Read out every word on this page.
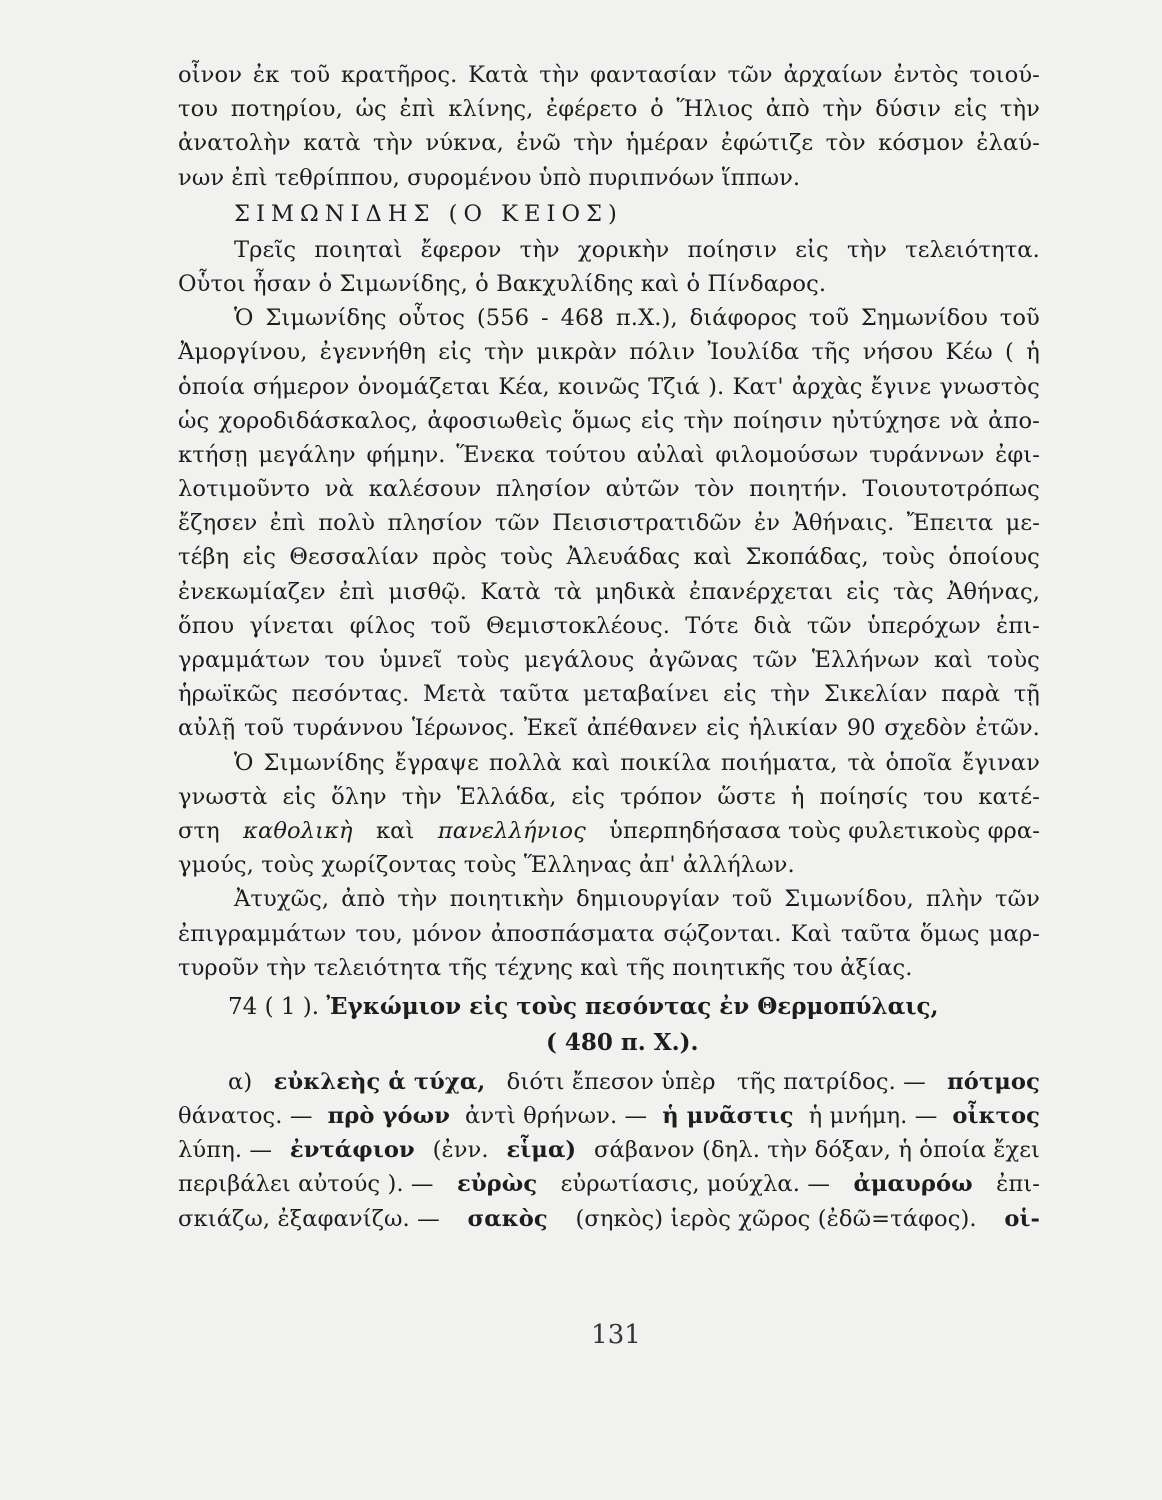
οἶνον ἐκ τοῦ κρατῆρος. Κατὰ τὴν φαντασίαν τῶν ἀρχαίων ἐντὸς τοιού-
του ποτηρίου, ὡς ἐπὶ κλίνης, ἐφέρετο ὁ Ἥλιος ἀπὸ τὴν δύσιν εἰς τὴν
ἀνατολὴν κατὰ τὴν νύκνα, ἐνῶ τὴν ἡμέραν ἐφώτιζε τὸν κόσμον ἐλαύ-
νων ἐπὶ τεθρίππου, συρομένου ὑπὸ πυριπνόων ἵππων.
ΣΙΜΩΝΙΔΗΣ (Ο ΚΕΙΟΣ)
Τρεῖς ποιηταὶ ἔφερον τὴν χορικὴν ποίησιν εἰς τὴν τελειότητα.
Οὗτοι ἦσαν ὁ Σιμωνίδης, ὁ Βακχυλίδης καὶ ὁ Πίνδαρος.
Ὁ Σιμωνίδης οὗτος (556 - 468 π.Χ.), διάφορος τοῦ Σημωνίδου τοῦ
Ἀμοργίνου, ἐγεννήθη εἰς τὴν μικρὰν πόλιν Ἰουλίδα τῆς νήσου Κέω ( ἡ
ὁποία σήμερον ὀνομάζεται Κέα, κοινῶς Τζιά ). Κατ' ἀρχὰς ἔγινε γνωστὸς
ὡς χοροδιδάσκαλος, ἀφοσιωθεὶς ὅμως εἰς τὴν ποίησιν ηὐτύχησε νὰ ἀπο-
κτήσῃ μεγάλην φήμην. Ἕνεκα τούτου αὐλαὶ φιλομούσων τυράννων ἐφι-
λοτιμοῦντο νὰ καλέσουν πλησίον αὐτῶν τὸν ποιητήν. Τοιουτοτρόπως
ἔζησεν ἐπὶ πολὺ πλησίον τῶν Πεισιστρατιδῶν ἐν Ἀθήναις. Ἔπειτα με-
τέβη εἰς Θεσσαλίαν πρὸς τοὺς Ἀλευάδας καὶ Σκοπάδας, τοὺς ὁποίους
ἐνεκωμίαζεν ἐπὶ μισθῷ. Κατὰ τὰ μηδικὰ ἐπανέρχεται εἰς τὰς Ἀθήνας,
ὅπου γίνεται φίλος τοῦ Θεμιστοκλέους. Τότε διὰ τῶν ὑπερόχων ἐπι-
γραμμάτων του ὑμνεῖ τοὺς μεγάλους ἀγῶνας τῶν Ἑλλήνων καὶ τοὺς
ἡρωϊκῶς πεσόντας. Μετὰ ταῦτα μεταβαίνει εἰς τὴν Σικελίαν παρὰ τῇ
αὐλῇ τοῦ τυράννου Ἱέρωνος. Ἐκεῖ ἀπέθανεν εἰς ἡλικίαν 90 σχεδὸν ἐτῶν.
Ὁ Σιμωνίδης ἔγραψε πολλὰ καὶ ποικίλα ποιήματα, τὰ ὁποῖα ἔγιναν
γνωστὰ εἰς ὅλην τὴν Ἑλλάδα, εἰς τρόπον ὥστε ἡ ποίησίς του κατέ-
στη καθολικὴ καὶ πανελλήνιος ὑπερπηδήσασα τοὺς φυλετικοὺς φρα-
γμούς, τοὺς χωρίζοντας τοὺς Ἕλληνας ἀπ' ἀλλήλων.
Ἀτυχῶς, ἀπὸ τὴν ποιητικὴν δημιουργίαν τοῦ Σιμωνίδου, πλὴν τῶν
ἐπιγραμμάτων του, μόνον ἀποσπάσματα σῴζονται. Καὶ ταῦτα ὅμως μαρ-
τυροῦν τὴν τελειότητα τῆς τέχνης καὶ τῆς ποιητικῆς του ἀξίας.
74 ( 1 ). Ἐγκώμιον εἰς τοὺς πεσόντας ἐν Θερμοπύλαις,
( 480 π. Χ.).
α) εὐκλεὴς ἁ τύχα, διότι ἔπεσον ὑπὲρ τῆς πατρίδος. — πότμος
θάνατος. — πρὸ γόων ἀντὶ θρήνων. — ἡ μνᾶστις ἡ μνήμη. — οἶκτος
λύπη. — ἐντάφιον (ἐνν. εἷμα) σάβανον (δηλ. τὴν δόξαν, ἡ ὁποία ἔχει
περιβάλει αὐτούς ). — εὐρὼς εὐρωτίασις, μούχλα. — ἀμαυρόω ἐπι-
σκιάζω, ἐξαφανίζω. — σακὸς (σηκὸς) ἱερὸς χῶρος (ἐδῶ=τάφος). οἱ-
131
